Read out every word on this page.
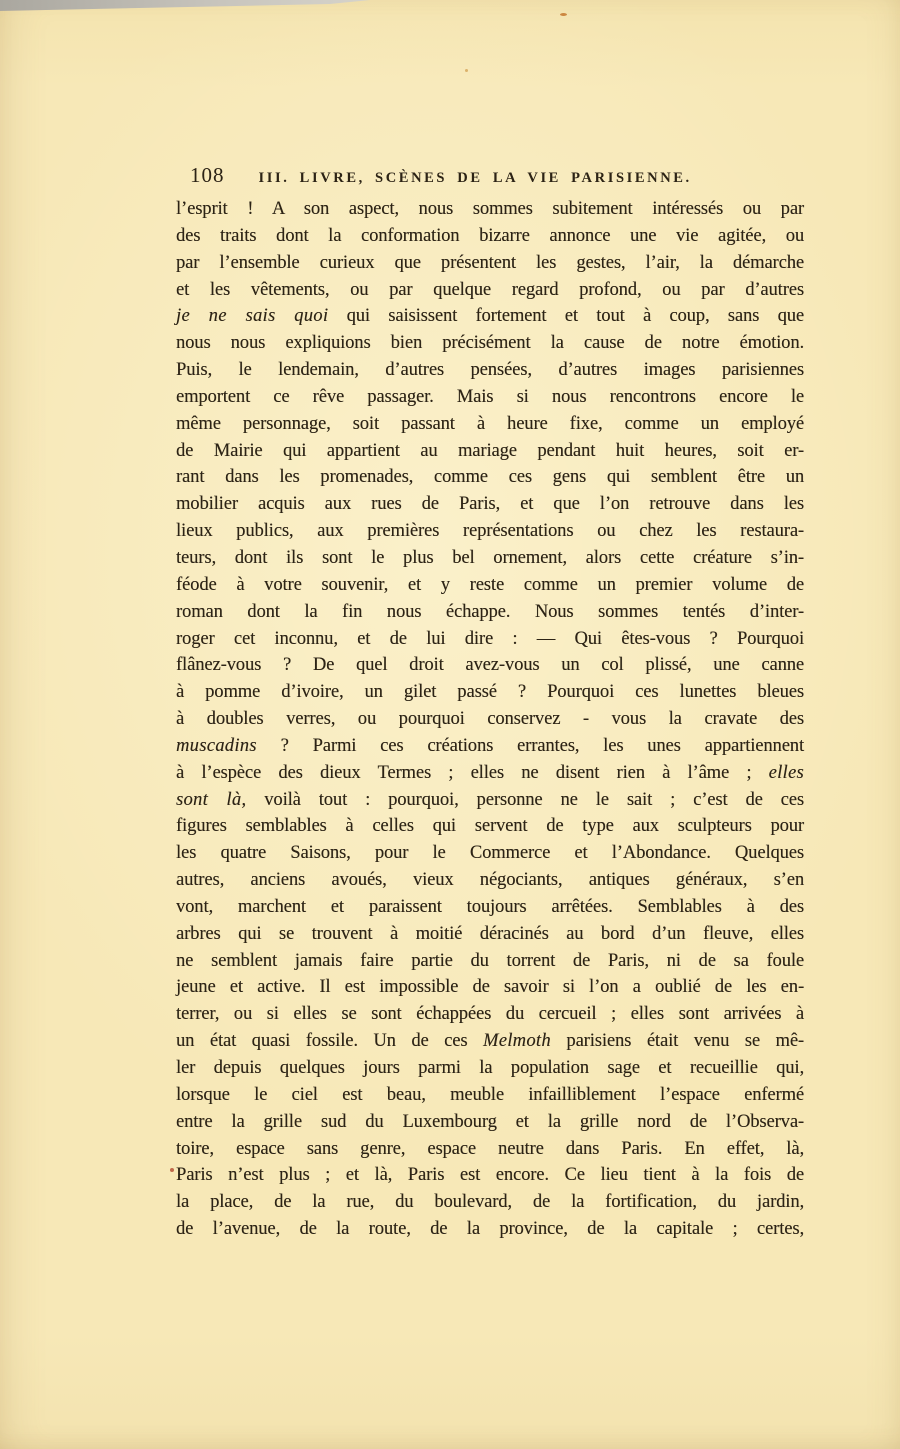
108 III. LIVRE, SCÈNES DE LA VIE PARISIENNE.
l’esprit ! A son aspect, nous sommes subitement intéressés ou par
des traits dont la conformation bizarre annonce une vie agitée, ou
par l’ensemble curieux que présentent les gestes, l’air, la démarche
et les vêtements, ou par quelque regard profond, ou par d’autres
je ne sais quoi qui saisissent fortement et tout à coup, sans que
nous nous expliquions bien précisément la cause de notre émotion.
Puis, le lendemain, d’autres pensées, d’autres images parisiennes
emportent ce rêve passager. Mais si nous rencontrons encore le
même personnage, soit passant à heure fixe, comme un employé
de Mairie qui appartient au mariage pendant huit heures, soit er-
rant dans les promenades, comme ces gens qui semblent être un
mobilier acquis aux rues de Paris, et que l’on retrouve dans les
lieux publics, aux premières représentations ou chez les restaura-
teurs, dont ils sont le plus bel ornement, alors cette créature s’in-
féode à votre souvenir, et y reste comme un premier volume de
roman dont la fin nous échappe. Nous sommes tentés d’inter-
roger cet inconnu, et de lui dire : — Qui êtes-vous ? Pourquoi
flânez-vous ? De quel droit avez-vous un col plissé, une canne
à pomme d’ivoire, un gilet passé ? Pourquoi ces lunettes bleues
à doubles verres, ou pourquoi conservez - vous la cravate des
muscadins ? Parmi ces créations errantes, les unes appartiennent
à l’espèce des dieux Termes ; elles ne disent rien à l’âme ; elles
sont là, voilà tout : pourquoi, personne ne le sait ; c’est de ces
figures semblables à celles qui servent de type aux sculpteurs pour
les quatre Saisons, pour le Commerce et l’Abondance. Quelques
autres, anciens avoués, vieux négociants, antiques généraux, s’en
vont, marchent et paraissent toujours arrêtées. Semblables à des
arbres qui se trouvent à moitié déracinés au bord d’un fleuve, elles
ne semblent jamais faire partie du torrent de Paris, ni de sa foule
jeune et active. Il est impossible de savoir si l’on a oublié de les en-
terrer, ou si elles se sont échappées du cercueil ; elles sont arrivées à
un état quasi fossile. Un de ces Melmoth parisiens était venu se mê-
ler depuis quelques jours parmi la population sage et recueillie qui,
lorsque le ciel est beau, meuble infailliblement l’espace enfermé
entre la grille sud du Luxembourg et la grille nord de l’Observa-
toire, espace sans genre, espace neutre dans Paris. En effet, là,
Paris n’est plus ; et là, Paris est encore. Ce lieu tient à la fois de
la place, de la rue, du boulevard, de la fortification, du jardin,
de l’avenue, de la route, de la province, de la capitale ; certes,
